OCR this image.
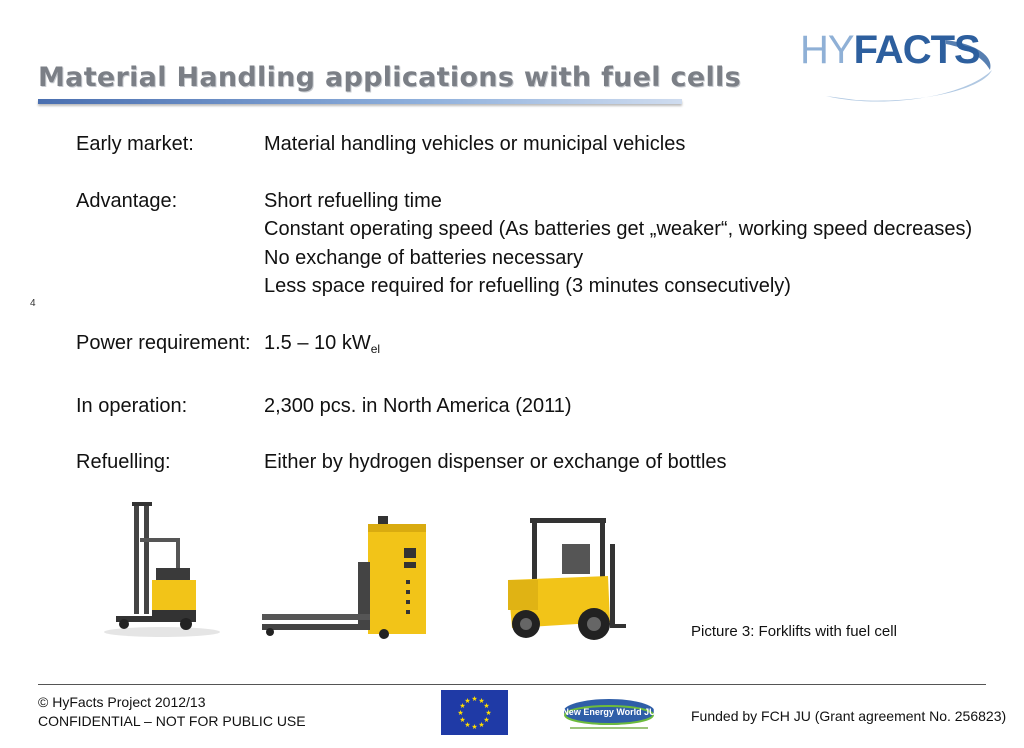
Material Handling applications with fuel cells
HYFACTS
Early market:	Material handling vehicles or municipal vehicles
Advantage:	Short refuelling time
Constant operating speed (As batteries get „weaker“, working speed decreases)
No exchange of batteries necessary
Less space required for refuelling (3 minutes consecutively)
Power requirement: 1.5 – 10 $kW_{el}$
In operation:	2,300 pcs. in North America (2011)
Refuelling:	Either by hydrogen dispenser or exchange of bottles
4
Picture 3: Forklifts with fuel cell
© HyFacts Project 2012/13
CONFIDENTIAL – NOT FOR PUBLIC USE
★ ★
★
★
★
★
★
★
★
★
★
★
New Energy World JU	Funded by FCH JU (Grant agreement No. 256823)
